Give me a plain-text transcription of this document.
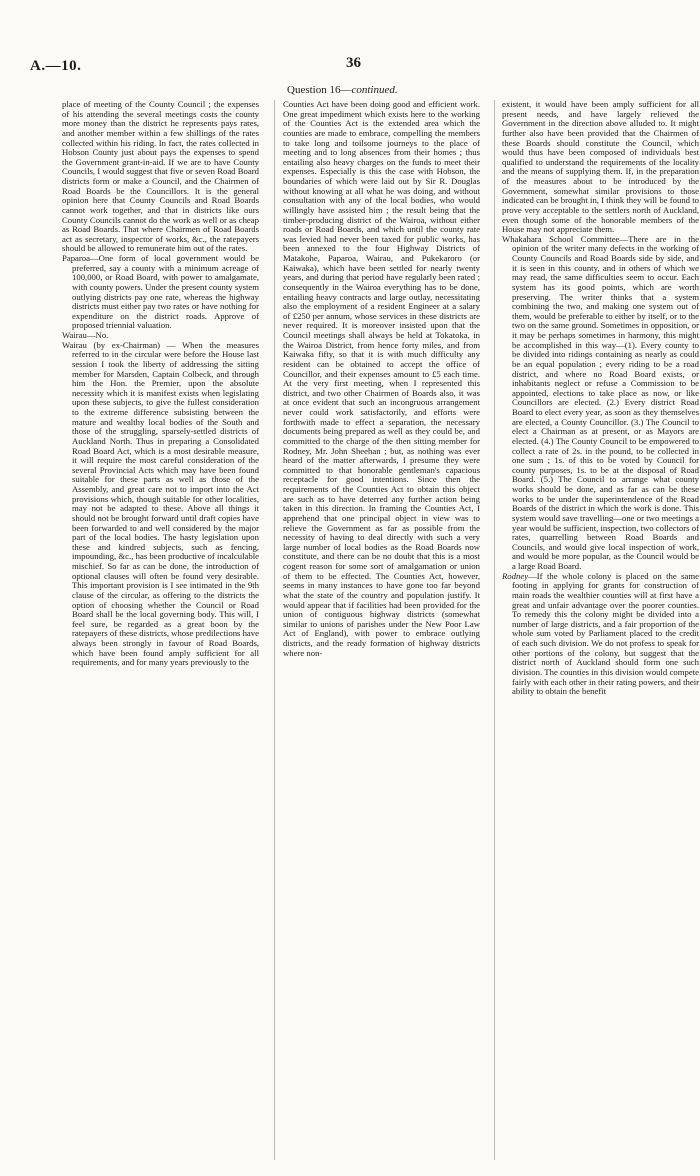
A.—10.	36
Question 16—continued.

place of meeting of the County Council ; the expenses of his attending the several meetings costs the county more money than the district he represents pays rates, and another member within a few shillings of the rates collected within his riding. In fact, the rates collected in Hobson County just about pays the expenses to spend the Government grant-in-aid. If we are to have County Councils, I would suggest that five or seven Road Board districts form or make a Council, and the Chairmen of Road Boards be the Councillors. It is the general opinion here that County Councils and Road Boards cannot work together, and that in districts like ours County Councils cannot do the work as well or as cheap as Road Boards. That where Chairmen of Road Boards act as secretary, inspector of works, &c., the ratepayers should be allowed to remunerate him out of the rates.

Paparoa—One form of local government would be preferred, say a county with a minimum acreage of 100,000, or Road Board, with power to amalgamate, with county powers. Under the present county system outlying districts pay one rate, whereas the highway districts must either pay two rates or have nothing for expenditure on the district roads. Approve of proposed triennial valuation.

Wairau—No.

Wairau (by ex-Chairman) — When the measures referred to in the circular were before the House last session I took the liberty of addressing the sitting member for Marsden, Captain Colbeck, and through him the Hon. the Premier, upon the absolute necessity which it is manifest exists when legislating upon these subjects, to give the fullest consideration to the extreme difference subsisting between the mature and wealthy local bodies of the South and those of the struggling, sparsely-settled districts of Auckland North. Thus in preparing a Consolidated Road Board Act, which is a most desirable measure, it will require the most careful consideration of the several Provincial Acts which may have been found suitable for these parts as well as those of the Assembly, and great care not to import into the Act provisions which, though suitable for other localities, may not be adapted to these. Above all things it should not be brought forward until draft copies have been forwarded to and well considered by the major part of the local bodies. The hasty legislation upon these and kindred subjects, such as fencing, impounding, &c., has been productive of incalculable mischief. So far as can be done, the introduction of optional clauses will often be found very desirable. This important provision is I see intimated in the 9th clause of the circular, as offering to the districts the option of choosing whether the Council or Road Board shall be the local governing body. This will, I feel sure, be regarded as a great boon by the ratepayers of these districts, whose predilections have always been strongly in favour of Road Boards, which have been found amply sufficient for all requirements, and for many years previously to the

Counties Act have been doing good and efficient work. One great impediment which exists here to the working of the Counties Act is the extended area which the counties are made to embrace, compelling the members to take long and toilsome journeys to the place of meeting and to long absences from their homes ; thus entailing also heavy charges on the funds to meet their expenses. Especially is this the case with Hobson, the boundaries of which were laid out by Sir R. Douglas without knowing at all what he was doing, and without consultation with any of the local bodies, who would willingly have assisted him ; the result being that the timber-producing district of the Wairoa, without either roads or Road Boards, and which until the county rate was levied had never been taxed for public works, has been annexed to the four Highway Districts of Matakohe, Paparoa, Wairau, and Pukekaroro (or Kaiwaka), which have been settled for nearly twenty years, and during that period have regularly been rated ; consequently in the Wairoa everything has to be done, entailing heavy contracts and large outlay, necessitating also the employment of a resident Engineer at a salary of £250 per annum, whose services in these districts are never required. It is moreover insisted upon that the Council meetings shall always be held at Tokatoka, in the Wairoa District, from hence forty miles, and from Kaiwaka fifty, so that it is with much difficulty any resident can be obtained to accept the office of Councillor, and their expenses amount to £5 each time. At the very first meeting, when I represented this district, and two other Chairmen of Boards also, it was at once evident that such an incongruous arrangement never could work satisfactorily, and efforts were forthwith made to effect a separation, the necessary documents being prepared as well as they could be, and committed to the charge of the then sitting member for Rodney, Mr. John Sheehan ; but, as nothing was ever heard of the matter afterwards, I presume they were committed to that honorable gentleman's capacious receptacle for good intentions. Since then the requirements of the Counties Act to obtain this object are such as to have deterred any further action being taken in this direction. In framing the Counties Act, I apprehend that one principal object in view was to relieve the Government as far as possible from the necessity of having to deal directly with such a very large number of local bodies as the Road Boards now constitute, and there can be no doubt that this is a most cogent reason for some sort of amalgamation or union of them to be effected. The Counties Act, however, seems in many instances to have gone too far beyond what the state of the country and population justify. It would appear that if facilities had been provided for the union of contiguous highway districts (somewhat similar to unions of parishes under the New Poor Law Act of England), with power to embrace outlying districts, and the ready formation of highway districts where non-

existent, it would have been amply sufficient for all present needs, and have largely relieved the Government in the direction above alluded to. It might further also have been provided that the Chairmen of these Boards should constitute the Council, which would thus have been composed of individuals best qualified to understand the requirements of the locality and the means of supplying them. If, in the preparation of the measures about to be introduced by the Government, somewhat similar provisions to those indicated can be brought in, I think they will be found to prove very acceptable to the settlers north of Auckland, even though some of the honorable members of the House may not appreciate them.

Whakahara School Committee—There are in the opinion of the writer many defects in the working of County Councils and Road Boards side by side, and it is seen in this county, and in others of which we may read, the same difficulties seem to occur. Each system has its good points, which are worth preserving. The writer thinks that a system combining the two, and making one system out of them, would be preferable to either by itself, or to the two on the same ground. Sometimes in opposition, or it may be perhaps sometimes in harmony, this might be accomplished in this way—(1). Every county to be divided into ridings containing as nearly as could be an equal population ; every riding to be a road district, and where no Road Board exists, or inhabitants neglect or refuse a Commission to be appointed, elections to take place as now, or like Councillors are elected. (2.) Every district Road Board to elect every year, as soon as they themselves are elected, a County Councillor. (3.) The Council to elect a Chairman as at present, or as Mayors are elected. (4.) The County Council to be empowered to collect a rate of 2s. in the pound, to be collected in one sum ; 1s. of this to be voted by Council for county purposes, 1s. to be at the disposal of Road Board. (5.) The Council to arrange what county works should be done, and as far as can be these works to be under the superintendence of the Road Boards of the district in which the work is done. This system would save travelling—one or two meetings a year would be sufficient, inspection, two collectors of rates, quarrelling between Road Boards and Councils, and would give local inspection of work, and would be more popular, as the Council would be a large Road Board.

Rodney—If the whole colony is placed on the same footing in applying for grants for construction of main roads the wealthier counties will at first have a great and unfair advantage over the poorer counties. To remedy this the colony might be divided into a number of large districts, and a fair proportion of the whole sum voted by Parliament placed to the credit of each such division. We do not profess to speak for other portions of the colony, but suggest that the district north of Auckland should form one such division. The counties in this division would compete fairly with each other in their rating powers, and their ability to obtain the benefit
